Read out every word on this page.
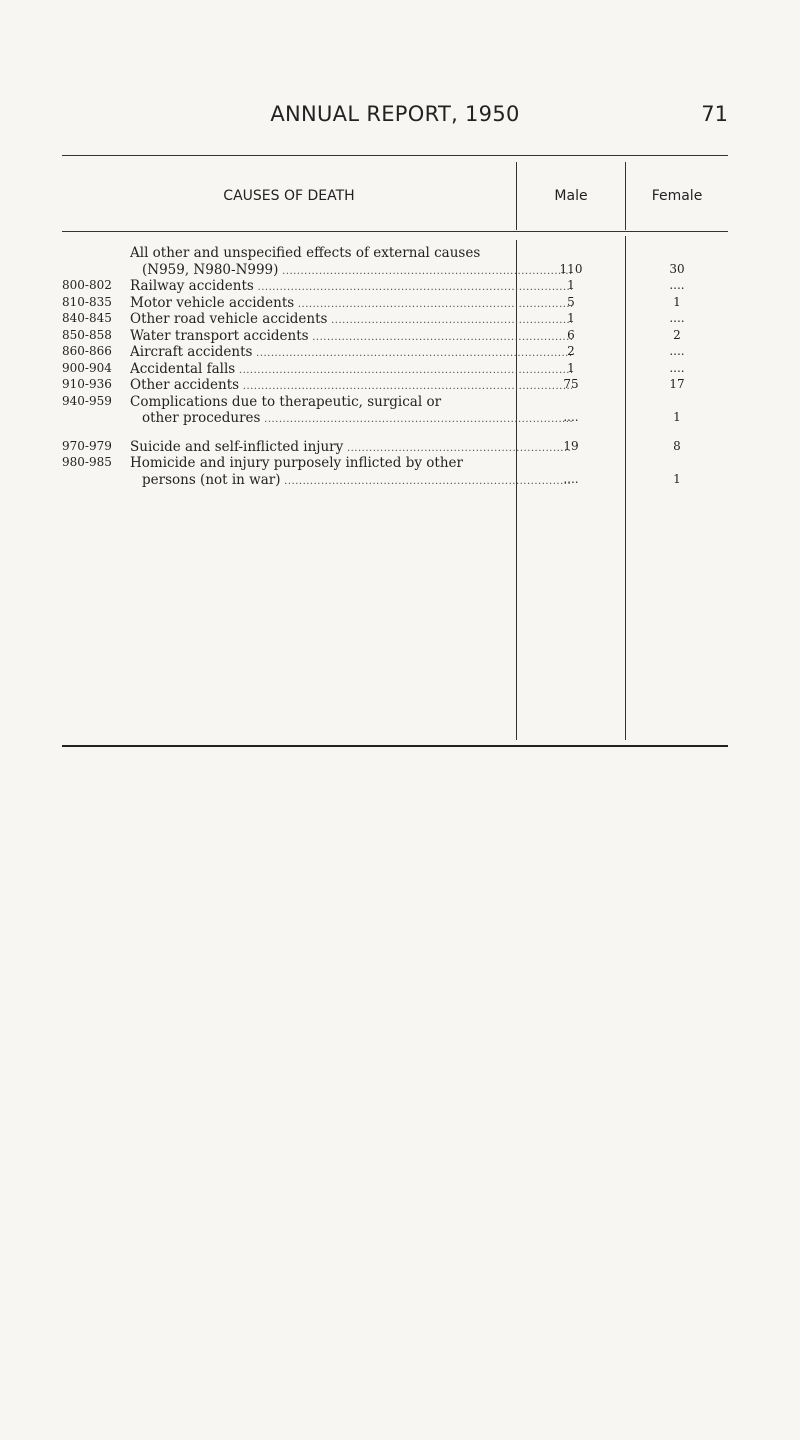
ANNUAL REPORT, 1950	71
CAUSES OF DEATH	Male	Female
All other and unspecified effects of external causes
(N959, N980-N999) .....	110	30
800-802	Railway accidents .....	1	....
810-835	Motor vehicle accidents .....	5	1
840-845	Other road vehicle accidents .....	1	....
850-858	Water transport accidents .....	6	2
860-866	Aircraft accidents .....	2	....
900-904	Accidental falls .....	1	....
910-936	Other accidents .....	75	17
940-959	Complications due to therapeutic, surgical or
other procedures .....	....	1
970-979	Suicide and self-inflicted injury .....	19	8
980-985	Homicide and injury purposely inflicted by other
persons (not in war) .....	....	1
